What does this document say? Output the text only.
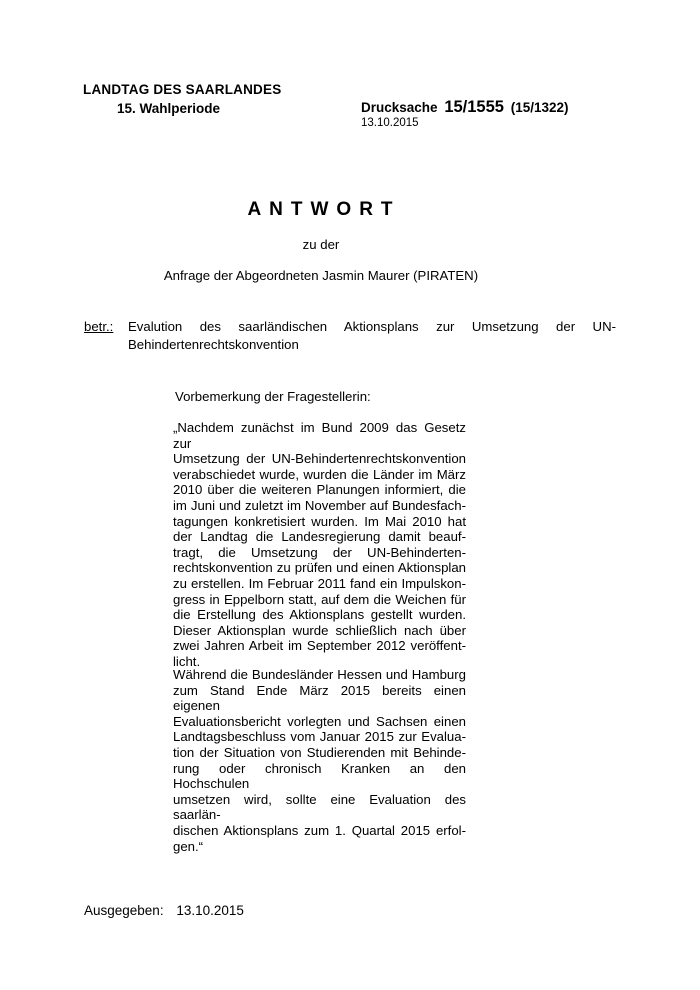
LANDTAG DES SAARLANDES
15. Wahlperiode	Drucksache 15/1555 (15/1322)
13.10.2015
ANTWORT
zu der
Anfrage der Abgeordneten Jasmin Maurer (PIRATEN)
betr.:	Evalution des saarländischen Aktionsplans zur Umsetzung der UN-
Behindertenrechtskonvention
Vorbemerkung der Fragestellerin:
„Nachdem zunächst im Bund 2009 das Gesetz zur
Umsetzung der UN-Behindertenrechtskonvention
verabschiedet wurde, wurden die Länder im März
2010 über die weiteren Planungen informiert, die
im Juni und zuletzt im November auf Bundesfach-
tagungen konkretisiert wurden. Im Mai 2010 hat
der Landtag die Landesregierung damit beauf-
tragt, die Umsetzung der UN-Behinderten-
rechtskonvention zu prüfen und einen Aktionsplan
zu erstellen. Im Februar 2011 fand ein Impulskon-
gress in Eppelborn statt, auf dem die Weichen für
die Erstellung des Aktionsplans gestellt wurden.
Dieser Aktionsplan wurde schließlich nach über
zwei Jahren Arbeit im September 2012 veröffent-
licht.
Während die Bundesländer Hessen und Hamburg
zum Stand Ende März 2015 bereits einen eigenen
Evaluationsbericht vorlegten und Sachsen einen
Landtagsbeschluss vom Januar 2015 zur Evalua-
tion der Situation von Studierenden mit Behinde-
rung oder chronisch Kranken an den Hochschulen
umsetzen wird, sollte eine Evaluation des saarlän-
dischen Aktionsplans zum 1. Quartal 2015 erfol-
gen.“
Ausgegeben: 13.10.2015
